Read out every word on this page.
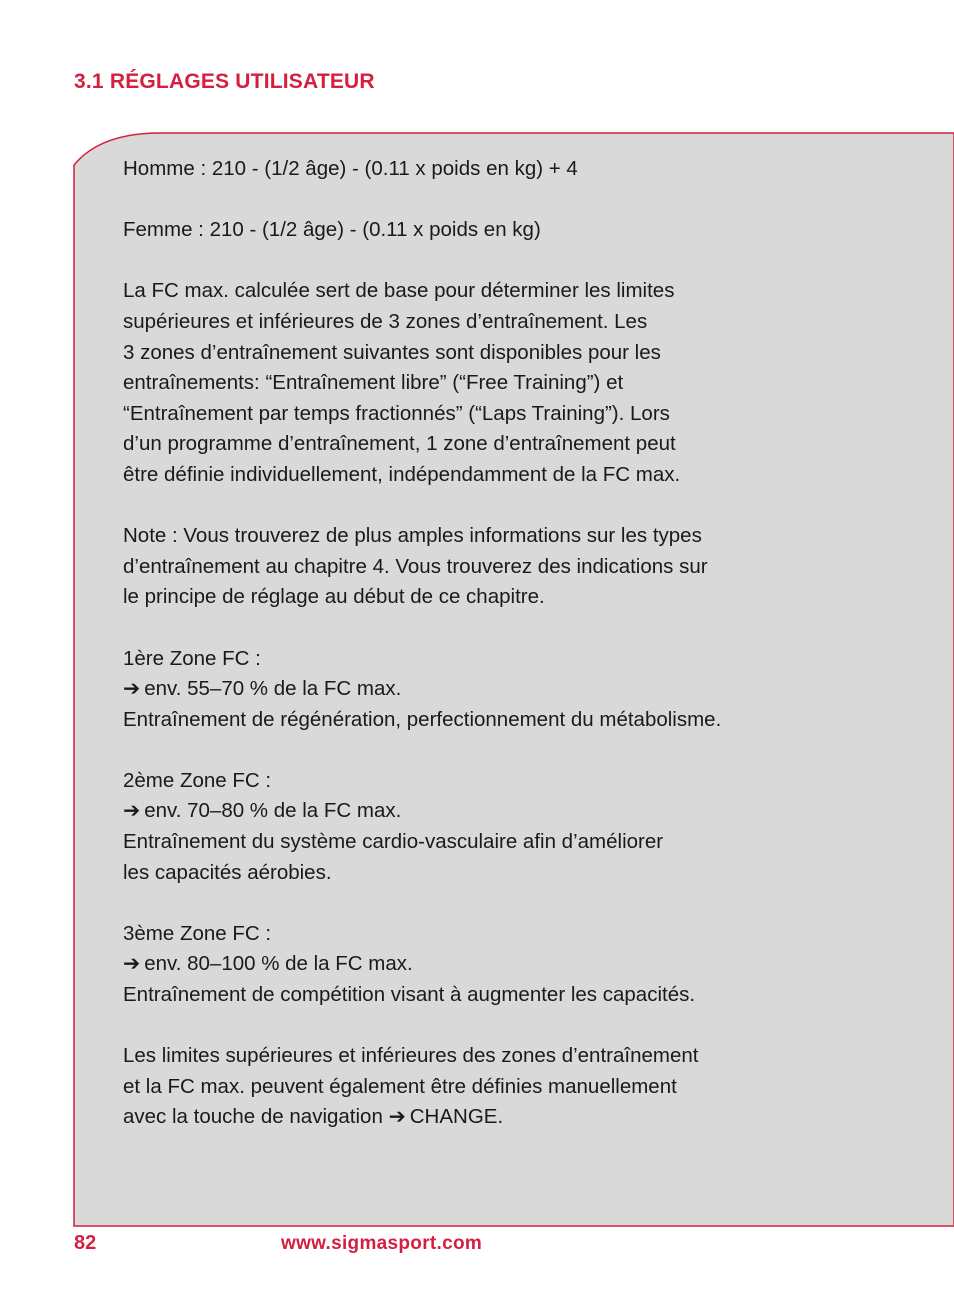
3.1 RÉGLAGES UTILISATEUR

Homme : 210 - (1/2 âge) - (0.11 x poids en kg) + 4

Femme : 210 - (1/2 âge) - (0.11 x poids en kg)

La FC max. calculée sert de base pour déterminer les limites
supérieures et inférieures de 3 zones d’entraînement. Les
3 zones d’entraînement suivantes sont disponibles pour les
entraînements: “Entraînement libre” (“Free Training”) et
“Entraînement par temps fractionnés” (“Laps Training”). Lors
d’un programme d’entraînement, 1 zone d’entraînement peut
être définie individuellement, indépendamment de la FC max.

Note : Vous trouverez de plus amples informations sur les types
d’entraînement au chapitre 4. Vous trouverez des indications sur
le principe de réglage au début de ce chapitre.

1ère Zone FC :
➔ env. 55–70 % de la FC max.
Entraînement de régénération, perfectionnement du métabolisme.

2ème Zone FC :
➔ env. 70–80 % de la FC max.
Entraînement du système cardio-vasculaire afin d’améliorer
les capacités aérobies.

3ème Zone FC :
➔ env. 80–100 % de la FC max.
Entraînement de compétition visant à augmenter les capacités.

Les limites supérieures et inférieures des zones d’entraînement
et la FC max. peuvent également être définies manuellement
avec la touche de navigation ➔ CHANGE.

82	www.sigmasport.com
